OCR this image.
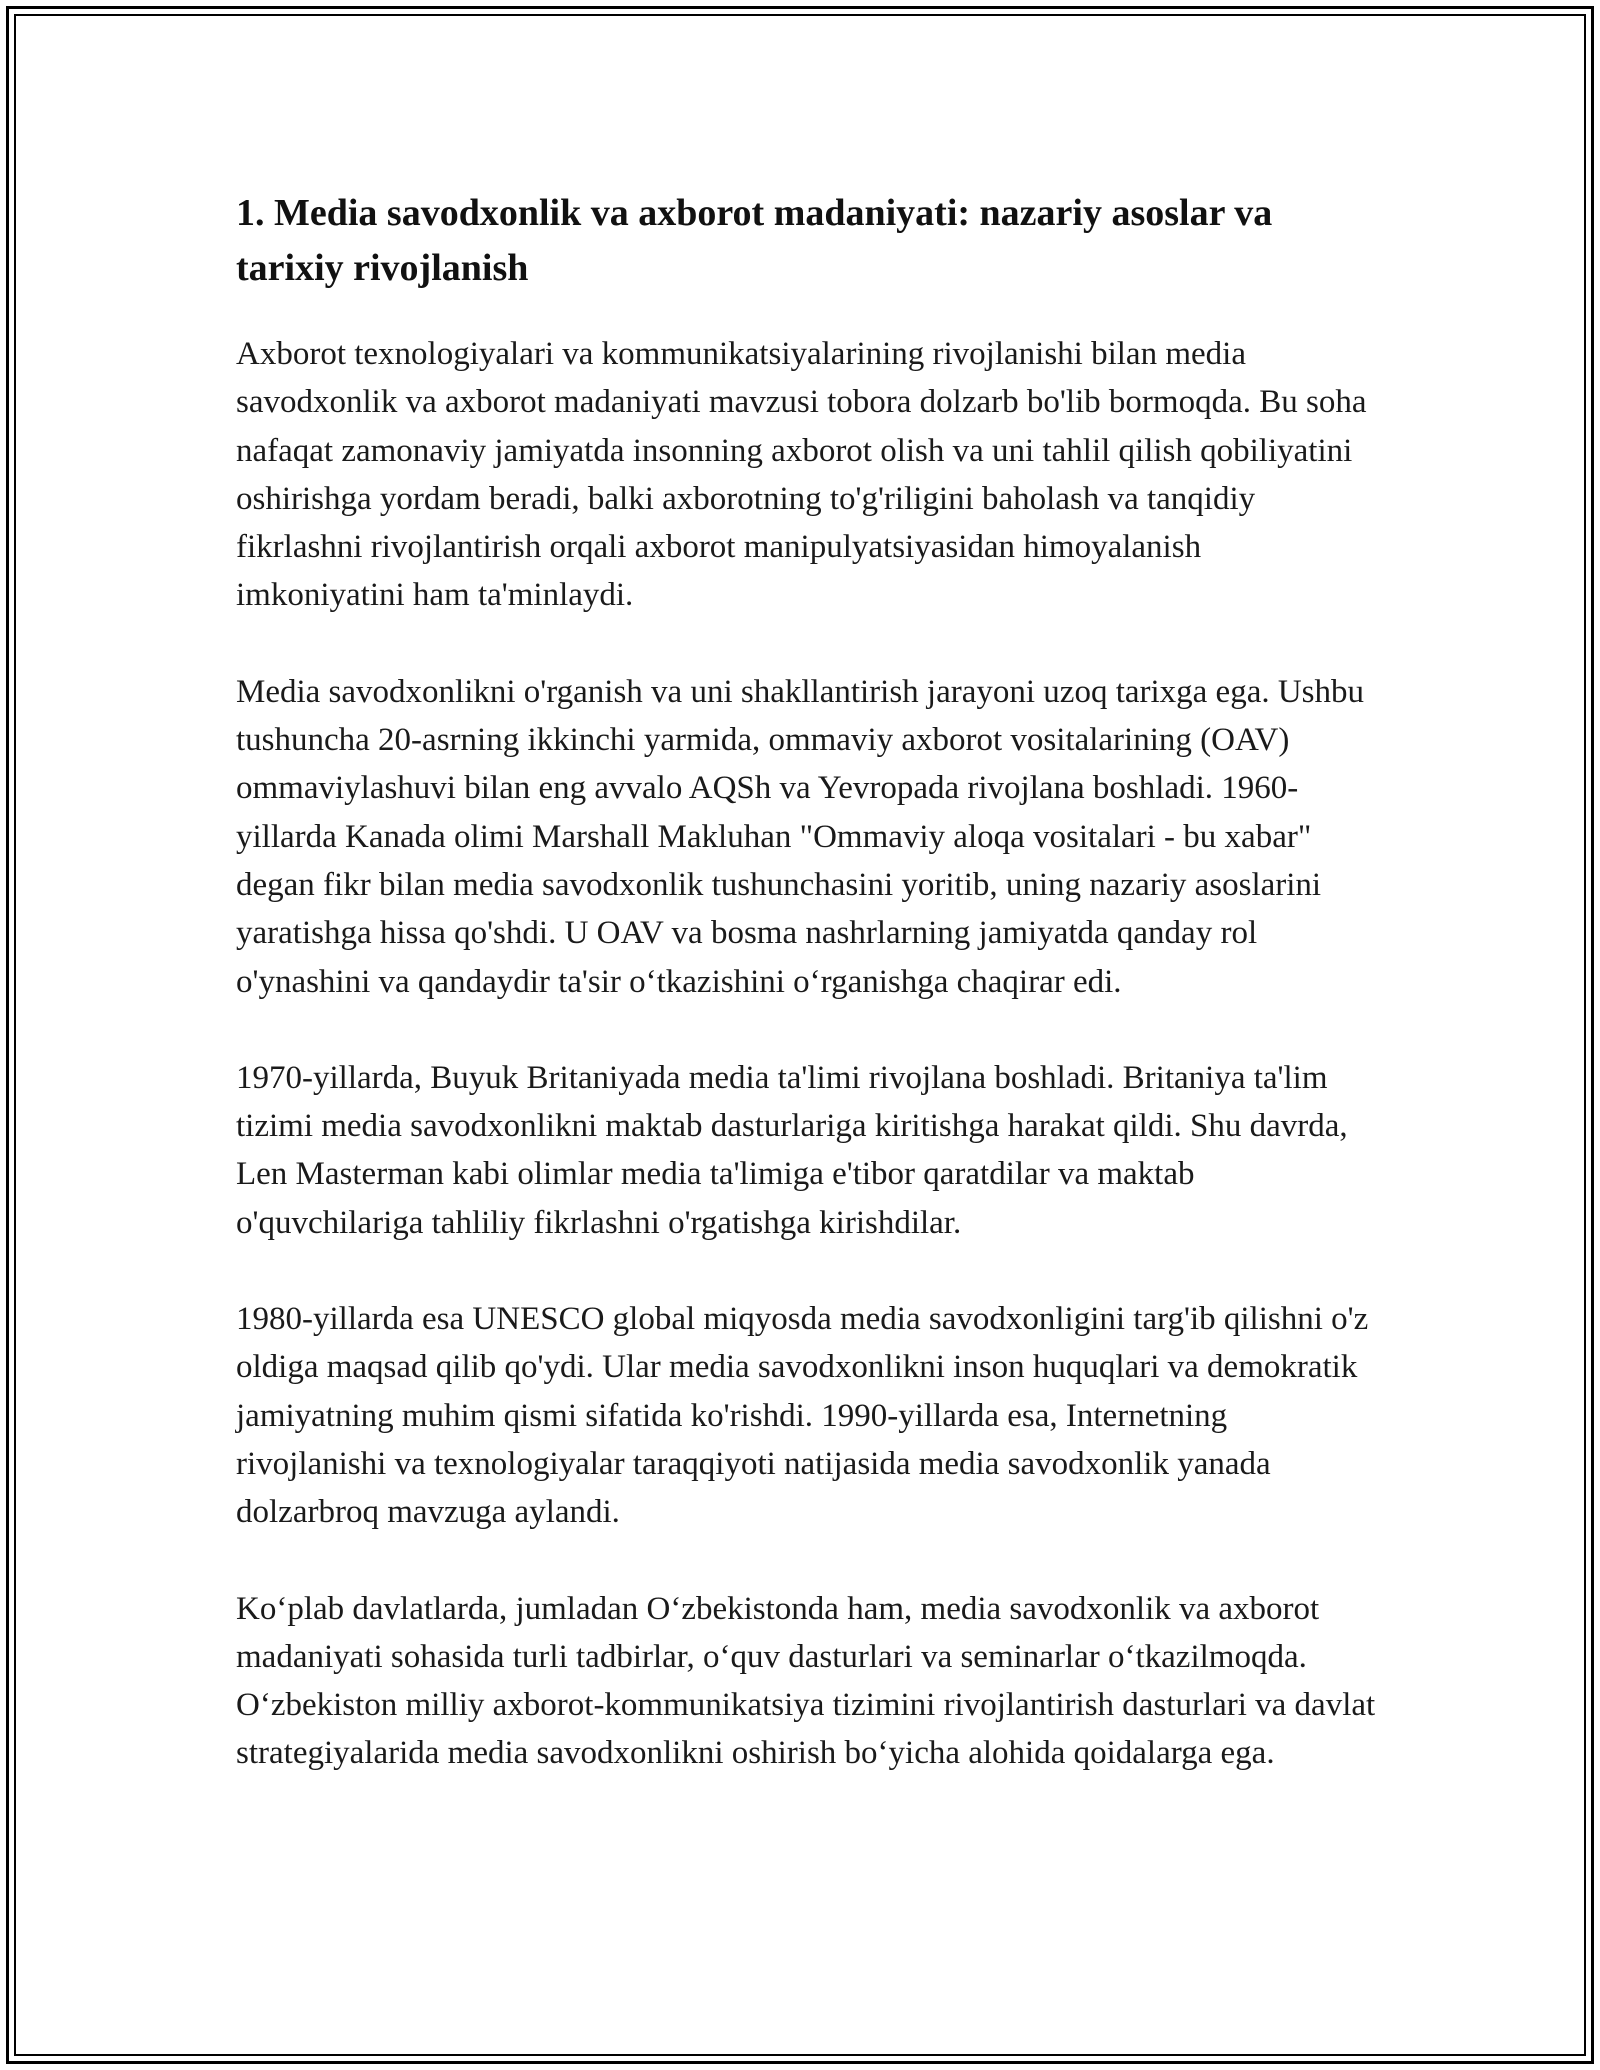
1. Media savodxonlik va axborot madaniyati: nazariy asoslar va tarixiy rivojlanish

Axborot texnologiyalari va kommunikatsiyalarining rivojlanishi bilan media savodxonlik va axborot madaniyati mavzusi tobora dolzarb bo'lib bormoqda. Bu soha nafaqat zamonaviy jamiyatda insonning axborot olish va uni tahlil qilish qobiliyatini oshirishga yordam beradi, balki axborotning to'g'riligini baholash va tanqidiy fikrlashni rivojlantirish orqali axborot manipulyatsiyasidan himoyalanish imkoniyatini ham ta'minlaydi.

Media savodxonlikni o'rganish va uni shakllantirish jarayoni uzoq tarixga ega. Ushbu tushuncha 20-asrning ikkinchi yarmida, ommaviy axborot vositalarining (OAV) ommaviylashuvi bilan eng avvalo AQSh va Yevropada rivojlana boshladi. 1960-yillarda Kanada olimi Marshall Makluhan "Ommaviy aloqa vositalari - bu xabar" degan fikr bilan media savodxonlik tushunchasini yoritib, uning nazariy asoslarini yaratishga hissa qo'shdi. U OAV va bosma nashrlarning jamiyatda qanday rol o'ynashini va qandaydir ta'sir o‘tkazishini o‘rganishga chaqirar edi.

1970-yillarda, Buyuk Britaniyada media ta'limi rivojlana boshladi. Britaniya ta'lim tizimi media savodxonlikni maktab dasturlariga kiritishga harakat qildi. Shu davrda, Len Masterman kabi olimlar media ta'limiga e'tibor qaratdilar va maktab o'quvchilariga tahliliy fikrlashni o'rgatishga kirishdilar.

1980-yillarda esa UNESCO global miqyosda media savodxonligini targ'ib qilishni o'z oldiga maqsad qilib qo'ydi. Ular media savodxonlikni inson huquqlari va demokratik jamiyatning muhim qismi sifatida ko'rishdi. 1990-yillarda esa, Internetning rivojlanishi va texnologiyalar taraqqiyoti natijasida media savodxonlik yanada dolzarbroq mavzuga aylandi.

Ko‘plab davlatlarda, jumladan O‘zbekistonda ham, media savodxonlik va axborot madaniyati sohasida turli tadbirlar, o‘quv dasturlari va seminarlar o‘tkazilmoqda. O‘zbekiston milliy axborot-kommunikatsiya tizimini rivojlantirish dasturlari va davlat strategiyalarida media savodxonlikni oshirish bo‘yicha alohida qoidalarga ega.
